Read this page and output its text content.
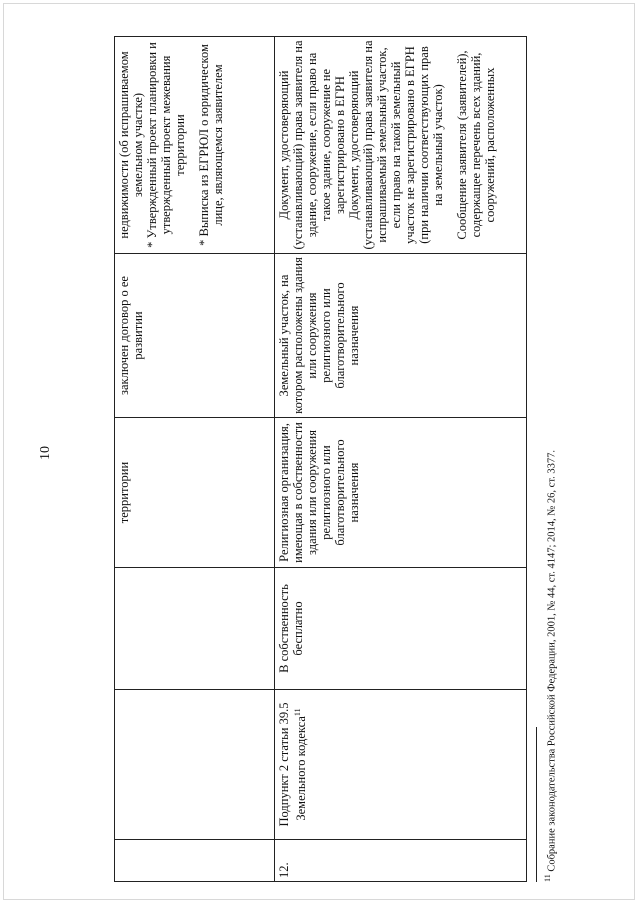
10
			территории	заключен договор о ее развитии	недвижимости (об испрашиваемом земельном участке) * Утвержденный проект планировки и утвержденный проект межевания территории * Выписка из ЕГРЮЛ о юридическом лице, являющемся заявителем

12.	Подпункт 2 статьи 39.5 Земельного кодекса$^{11}$	В собственность бесплатно	Религиозная организация, имеющая в собственности здания или сооружения религиозного или благотворительного назначения	Земельный участок, на котором расположены здания или сооружения религиозного или благотворительного назначения	Документ, удостоверяющий (устанавливающий) права заявителя на здание, сооружение, если право на такое здание, сооружение не зарегистрировано в ЕГРН Документ, удостоверяющий (устанавливающий) права заявителя на испрашиваемый земельный участок, если право на такой земельный участок не зарегистрировано в ЕГРН (при наличии соответствующих прав на земельный участок) Сообщение заявителя (заявителей), содержащее перечень всех зданий, сооружений, расположенных
$^{11}$ Собрание законодательства Российской Федерации, 2001, № 44, ст. 4147; 2014, № 26, ст. 3377.
